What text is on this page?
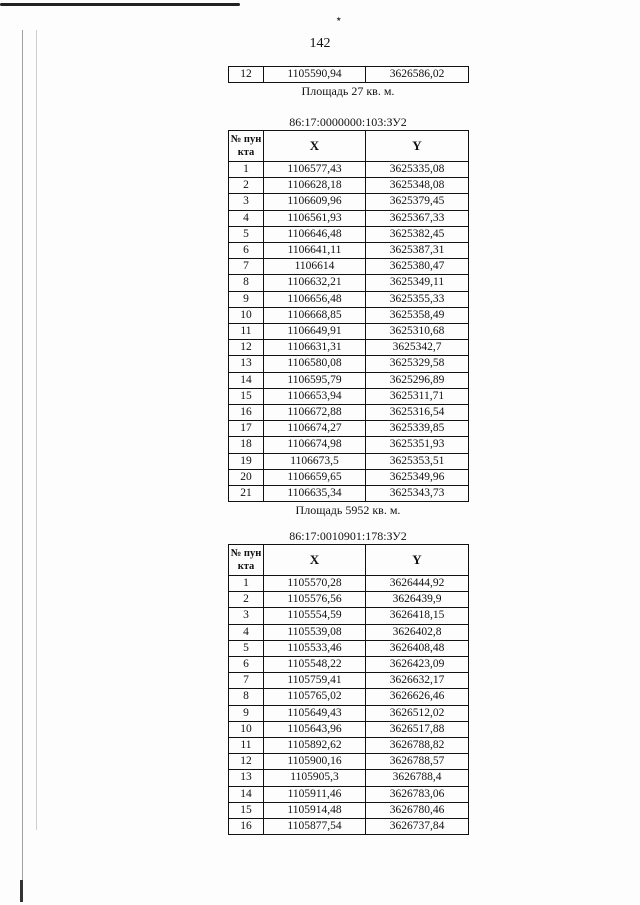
٭
142
12	1105590,94	3626586,02
Площадь 27 кв. м.
86:17:0000000:103:ЗУ2
№ пун кта	X	Y
1	1106577,43	3625335,08
2	1106628,18	3625348,08
3	1106609,96	3625379,45
4	1106561,93	3625367,33
5	1106646,48	3625382,45
6	1106641,11	3625387,31
7	1106614	3625380,47
8	1106632,21	3625349,11
9	1106656,48	3625355,33
10	1106668,85	3625358,49
11	1106649,91	3625310,68
12	1106631,31	3625342,7
13	1106580,08	3625329,58
14	1106595,79	3625296,89
15	1106653,94	3625311,71
16	1106672,88	3625316,54
17	1106674,27	3625339,85
18	1106674,98	3625351,93
19	1106673,5	3625353,51
20	1106659,65	3625349,96
21	1106635,34	3625343,73
Площадь 5952 кв. м.
86:17:0010901:178:ЗУ2
№ пун кта	X	Y
1	1105570,28	3626444,92
2	1105576,56	3626439,9
3	1105554,59	3626418,15
4	1105539,08	3626402,8
5	1105533,46	3626408,48
6	1105548,22	3626423,09
7	1105759,41	3626632,17
8	1105765,02	3626626,46
9	1105649,43	3626512,02
10	1105643,96	3626517,88
11	1105892,62	3626788,82
12	1105900,16	3626788,57
13	1105905,3	3626788,4
14	1105911,46	3626783,06
15	1105914,48	3626780,46
16	1105877,54	3626737,84
